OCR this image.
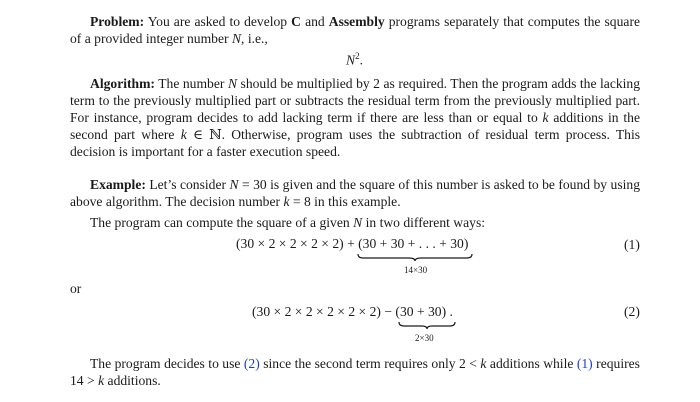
Problem: You are asked to develop C and Assembly programs separately that computes the square
of a provided integer number N, i.e.,
$N^2$.
Algorithm: The number N should be multiplied by 2 as required. Then the program adds the lacking
term to the previously multiplied part or subtracts the residual term from the previously multiplied part.
For instance, program decides to add lacking term if there are less than or equal to k additions in the
second part where k ∈ ℕ. Otherwise, program uses the subtraction of residual term process. This
decision is important for a faster execution speed.
Example: Let’s consider N = 30 is given and the square of this number is asked to be found by using
above algorithm. The decision number k = 8 in this example.
The program can compute the square of a given N in two different ways:
(30 × 2 × 2 × 2 × 2) + (30 + 30 + . . . + 30)
14×30
(1)
or
(30 × 2 × 2 × 2 × 2 × 2) − (30 + 30) .
2×30
(2)
The program decides to use (2) since the second term requires only 2 < k additions while (1) requires
14 > k additions.
